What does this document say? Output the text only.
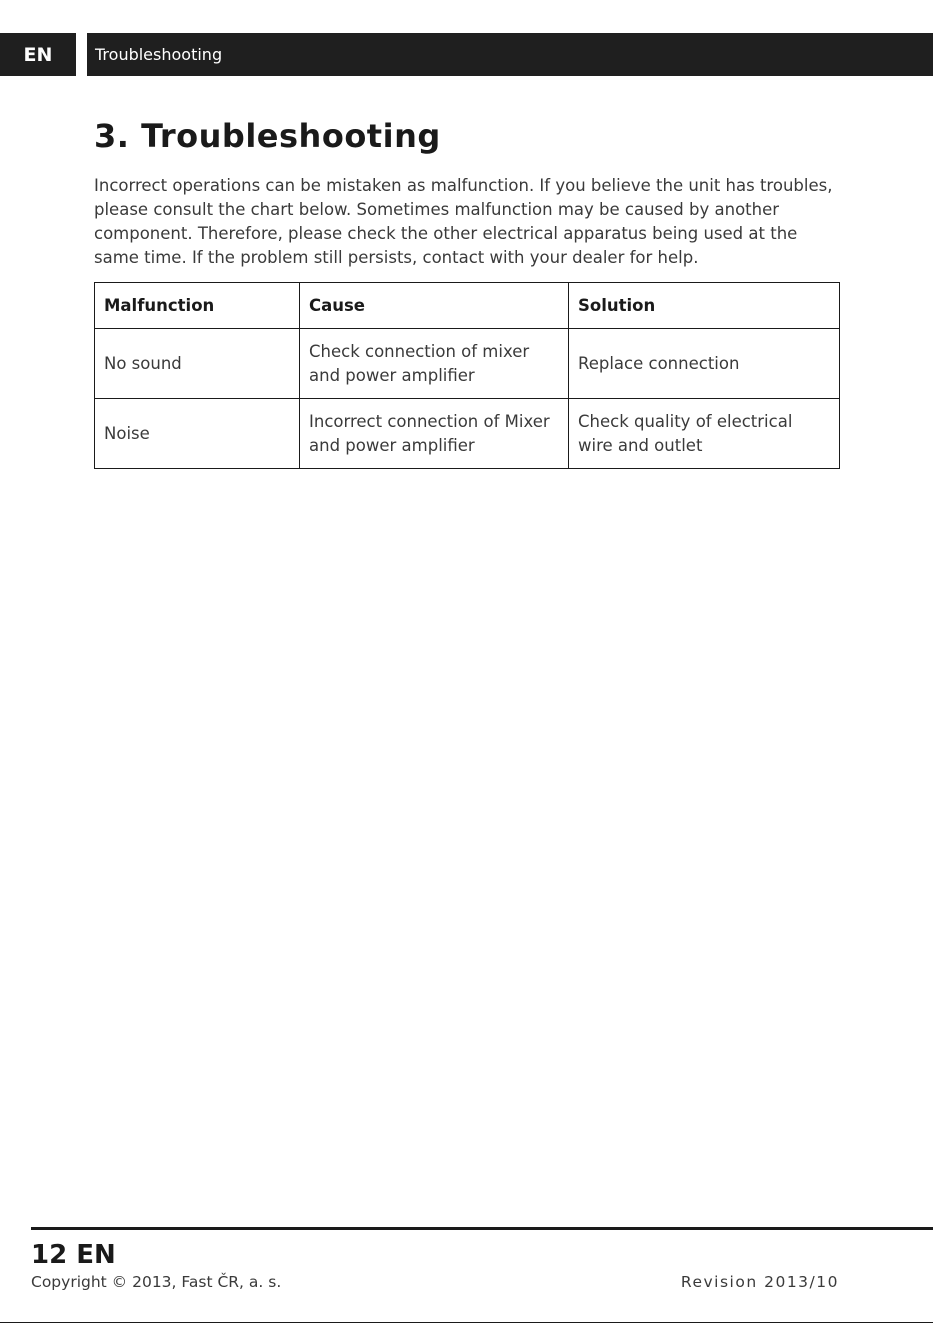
EN	Troubleshooting
3. Troubleshooting

Incorrect operations can be mistaken as malfunction. If you believe the unit has troubles, please consult the chart below. Sometimes malfunction may be caused by another component. Therefore, please check the other electrical apparatus being used at the same time. If the problem still persists, contact with your dealer for help.

Malfunction	Cause	Solution
No sound	Check connection of mixer and power amplifier	Replace connection
Noise	Incorrect connection of Mixer and power amplifier	Check quality of electrical wire and outlet
12 EN
Copyright © 2013, Fast ČR, a. s.	Revision 2013/10
